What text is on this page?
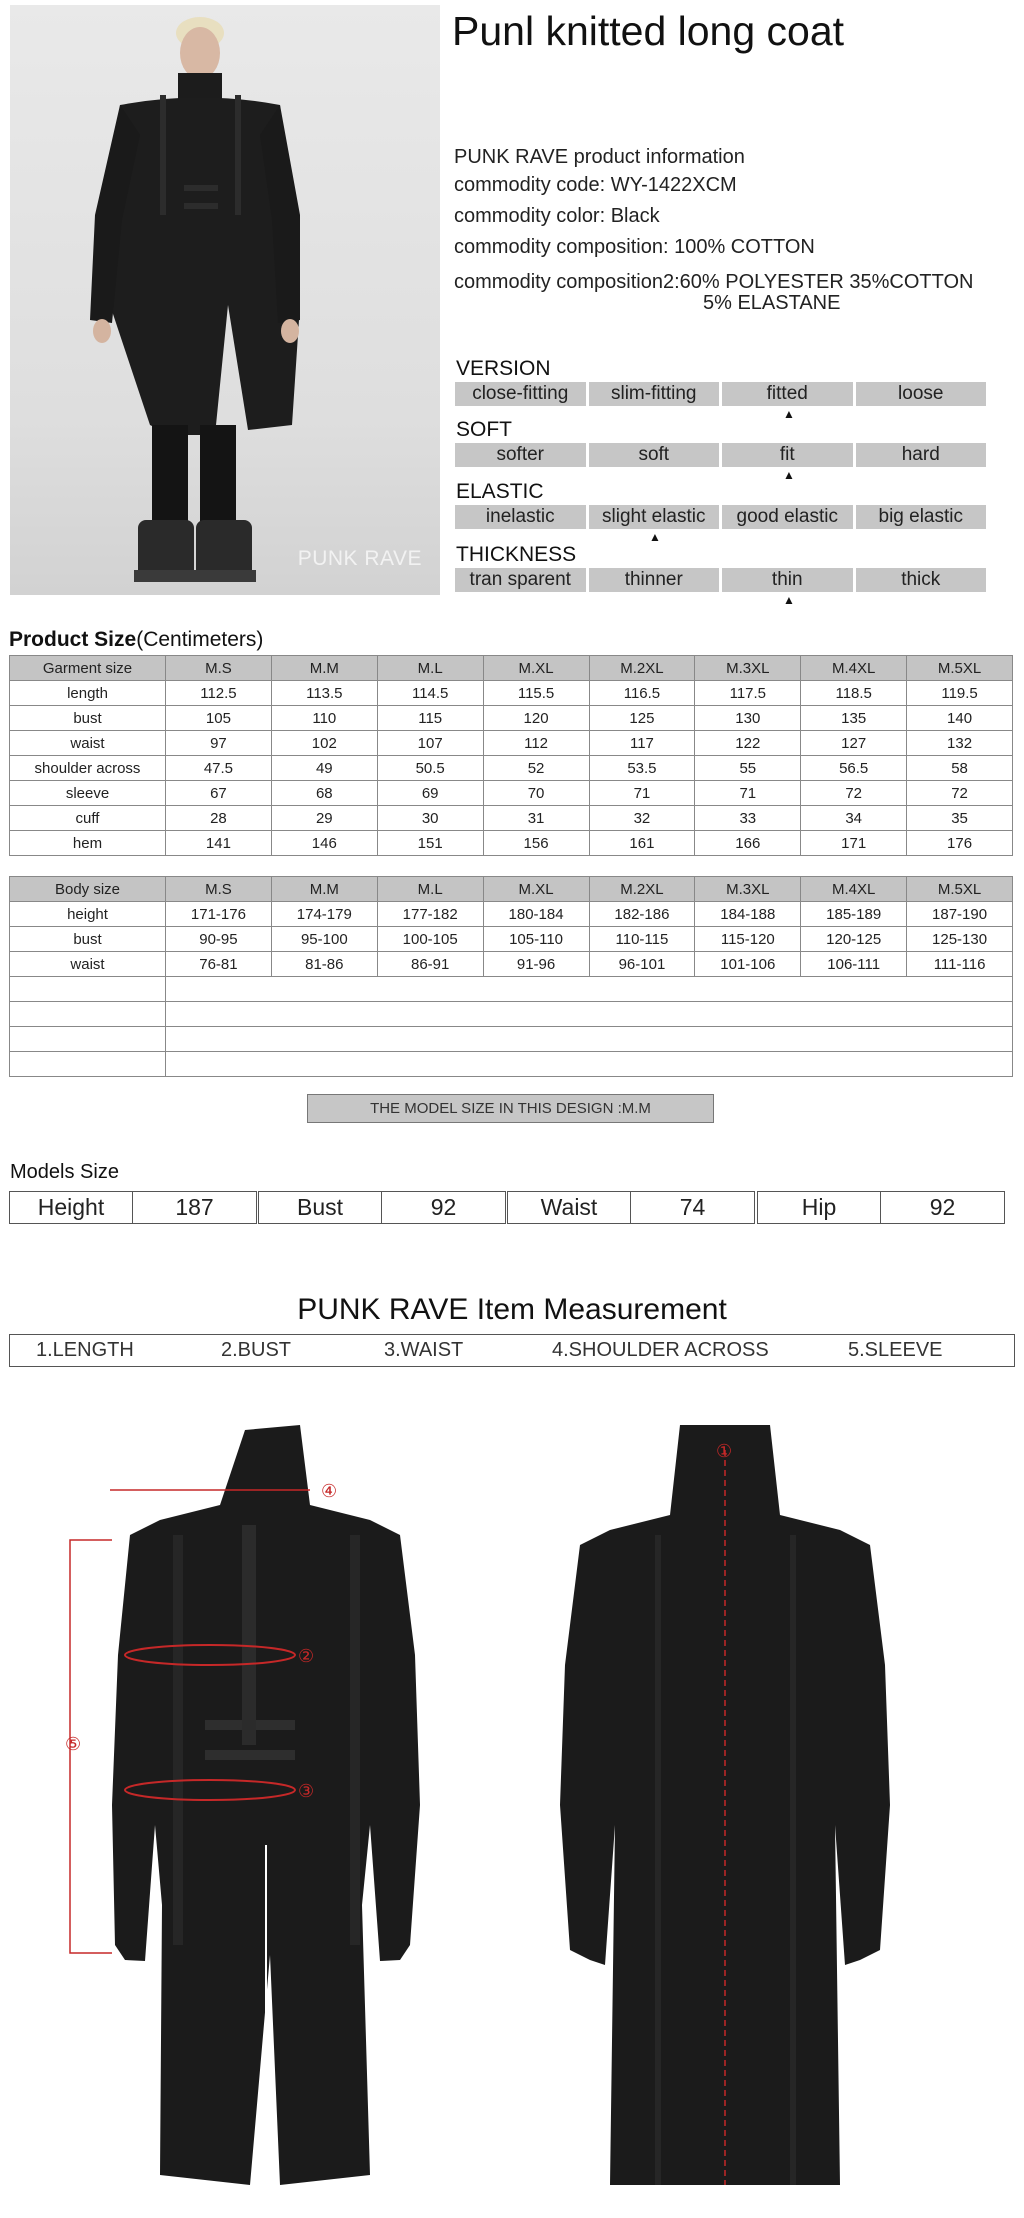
PUNK RAVE
Punl knitted long coat
PUNK RAVE product information
commodity code: WY-1422XCM
commodity color: Black
commodity composition: 100% COTTON
commodity composition2:60% POLYESTER 35%COTTON
5% ELASTANE
VERSION
close-fitting	slim-fitting	fitted	loose
▲
SOFT
softer	soft	fit	hard
▲
ELASTIC
inelastic	slight elastic	good elastic	big elastic
▲
THICKNESS
tran sparent	thinner	thin	thick
▲
Product Size(Centimeters)
Garment size	M.S	M.M	M.L	M.XL	M.2XL	M.3XL	M.4XL	M.5XL
length	112.5	113.5	114.5	115.5	116.5	117.5	118.5	119.5
bust	105	110	115	120	125	130	135	140
waist	97	102	107	112	117	122	127	132
shoulder across	47.5	49	50.5	52	53.5	55	56.5	58
sleeve	67	68	69	70	71	71	72	72
cuff	28	29	30	31	32	33	34	35
hem	141	146	151	156	161	166	171	176
Body size	M.S	M.M	M.L	M.XL	M.2XL	M.3XL	M.4XL	M.5XL
height	171-176	174-179	177-182	180-184	182-186	184-188	185-189	187-190
bust	90-95	95-100	100-105	105-110	110-115	115-120	120-125	125-130
waist	76-81	81-86	86-91	91-96	96-101	101-106	106-111	111-116

THE MODEL SIZE IN THIS DESIGN :M.M
Models Size
Height	187	Bust	92	Waist	74	Hip	92
PUNK RAVE Item Measurement
1.LENGTH	2.BUST	3.WAIST	4.SHOULDER ACROSS	5.SLEEVE
④
②
③
⑤
①
